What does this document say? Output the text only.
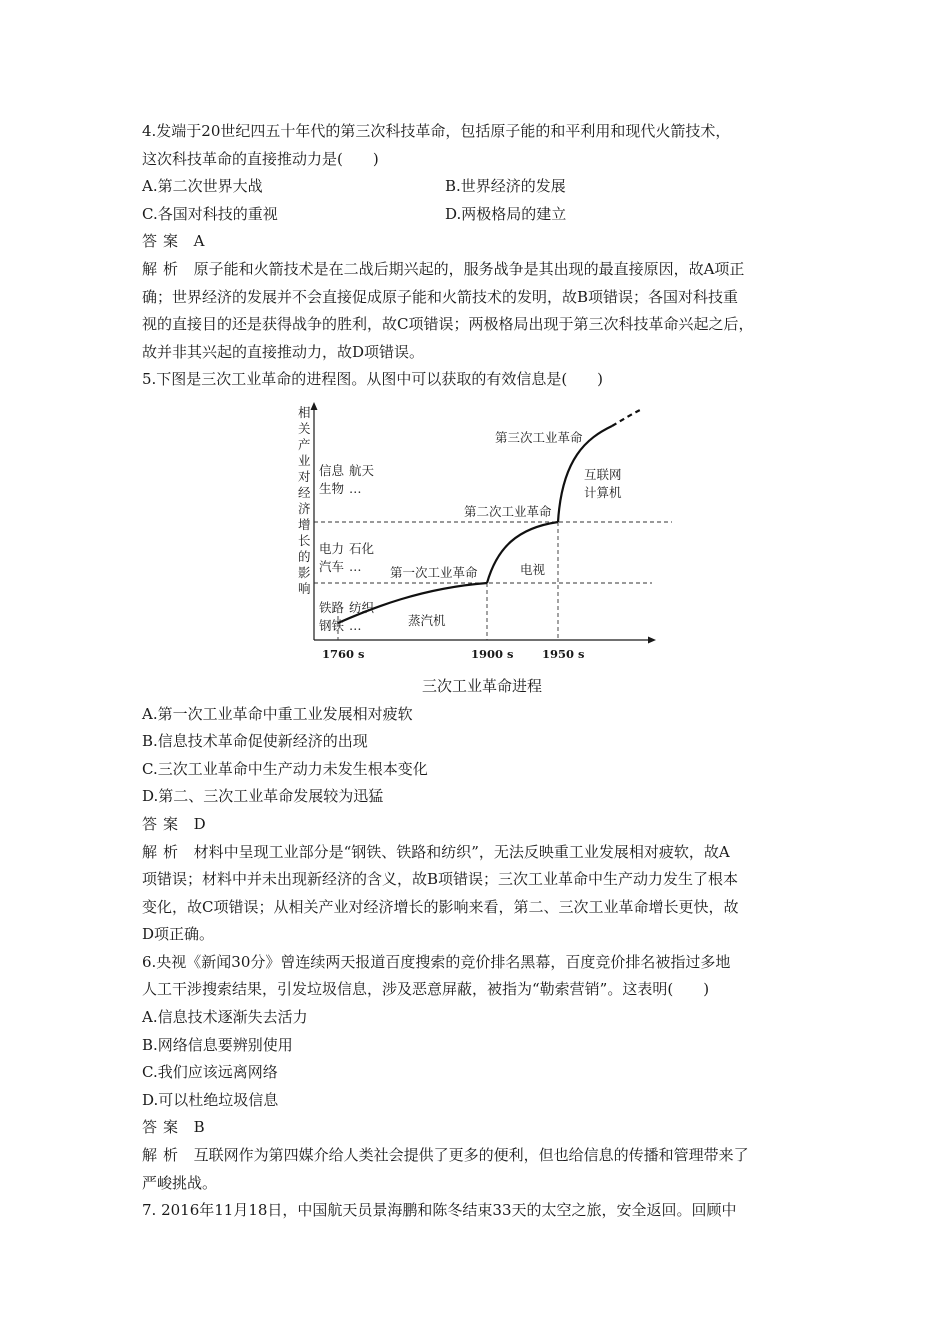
4.发端于20世纪四五十年代的第三次科技革命，包括原子能的和平利用和现代火箭技术，

这次科技革命的直接推动力是(　　)

A.第二次世界大战	B.世界经济的发展
C.各国对科技的重视	D.两极格局的建立

答案 A

解析 原子能和火箭技术是在二战后期兴起的，服务战争是其出现的最直接原因，故A项正

确；世界经济的发展并不会直接促成原子能和火箭技术的发明，故B项错误；各国对科技重

视的直接目的还是获得战争的胜利，故C项错误；两极格局出现于第三次科技革命兴起之后，

故并非其兴起的直接推动力，故D项错误。

5.下图是三次工业革命的进程图。从图中可以获取的有效信息是(　　)

相
关
产
业
对
经
济
增
长
的
影
响
1760 s	1900 s 1950 s
第一次工业革命
第二次工业革命
第三次工业革命
铁路 纺织
钢铁 …	蒸汽机
电力 石化
汽车 …	电视
信息 航天
生物 …
互联网
计算机

三次工业革命进程

A.第一次工业革命中重工业发展相对疲软

B.信息技术革命促使新经济的出现

C.三次工业革命中生产动力未发生根本变化

D.第二、三次工业革命发展较为迅猛

答案 D

解析 材料中呈现工业部分是“钢铁、铁路和纺织”，无法反映重工业发展相对疲软，故A

项错误；材料中并未出现新经济的含义，故B项错误；三次工业革命中生产动力发生了根本

变化，故C项错误；从相关产业对经济增长的影响来看，第二、三次工业革命增长更快，故

D项正确。

6.央视《新闻30分》曾连续两天报道百度搜索的竞价排名黑幕，百度竞价排名被指过多地

人工干涉搜索结果，引发垃圾信息，涉及恶意屏蔽，被指为“勒索营销”。这表明(　　)

A.信息技术逐渐失去活力

B.网络信息要辨别使用

C.我们应该远离网络

D.可以杜绝垃圾信息

答案 B

解析 互联网作为第四媒介给人类社会提供了更多的便利，但也给信息的传播和管理带来了

严峻挑战。

7. 2016年11月18日，中国航天员景海鹏和陈冬结束33天的太空之旅，安全返回。回顾中
